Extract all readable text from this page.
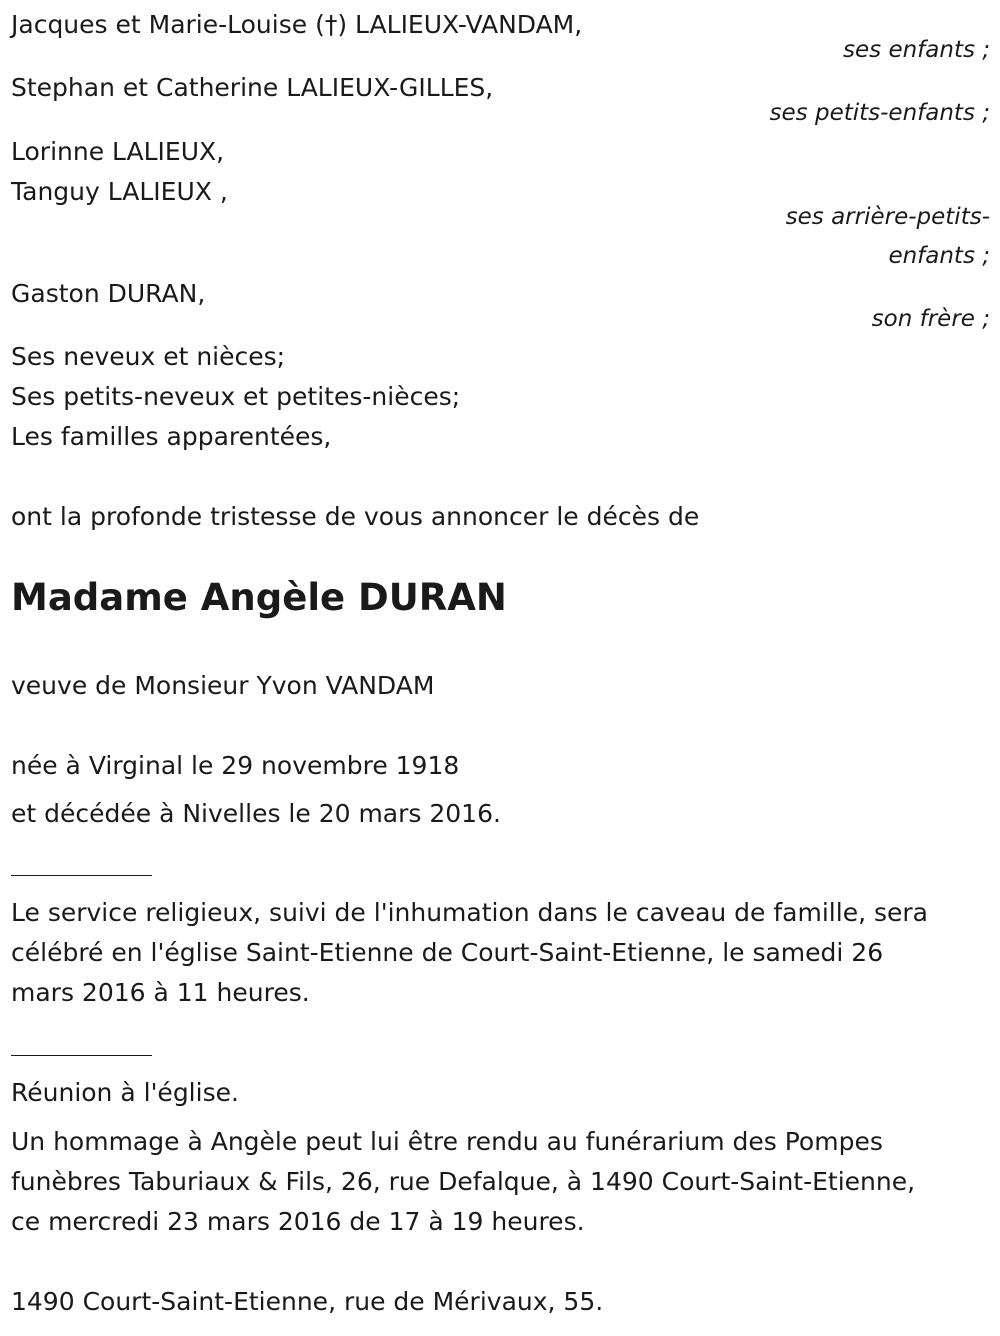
Jacques et Marie-Louise (†) LALIEUX-VANDAM,
ses enfants ;
Stephan et Catherine LALIEUX-GILLES,
ses petits-enfants ;
Lorinne LALIEUX,
Tanguy LALIEUX ,
ses arrière-petits-
enfants ;
Gaston DURAN,
son frère ;
Ses neveux et nièces;
Ses petits-neveux et petites-nièces;
Les familles apparentées,
ont la profonde tristesse de vous annoncer le décès de
Madame Angèle DURAN
veuve de Monsieur Yvon VANDAM
née à Virginal le 29 novembre 1918
et décédée à Nivelles le 20 mars 2016.
Le service religieux, suivi de l'inhumation dans le caveau de famille, sera
célébré en l'église Saint-Etienne de Court-Saint-Etienne, le samedi 26
mars 2016 à 11 heures.
Réunion à l'église.
Un hommage à Angèle peut lui être rendu au funérarium des Pompes
funèbres Taburiaux & Fils, 26, rue Defalque, à 1490 Court-Saint-Etienne,
ce mercredi 23 mars 2016 de 17 à 19 heures.
1490 Court-Saint-Etienne, rue de Mérivaux, 55.
